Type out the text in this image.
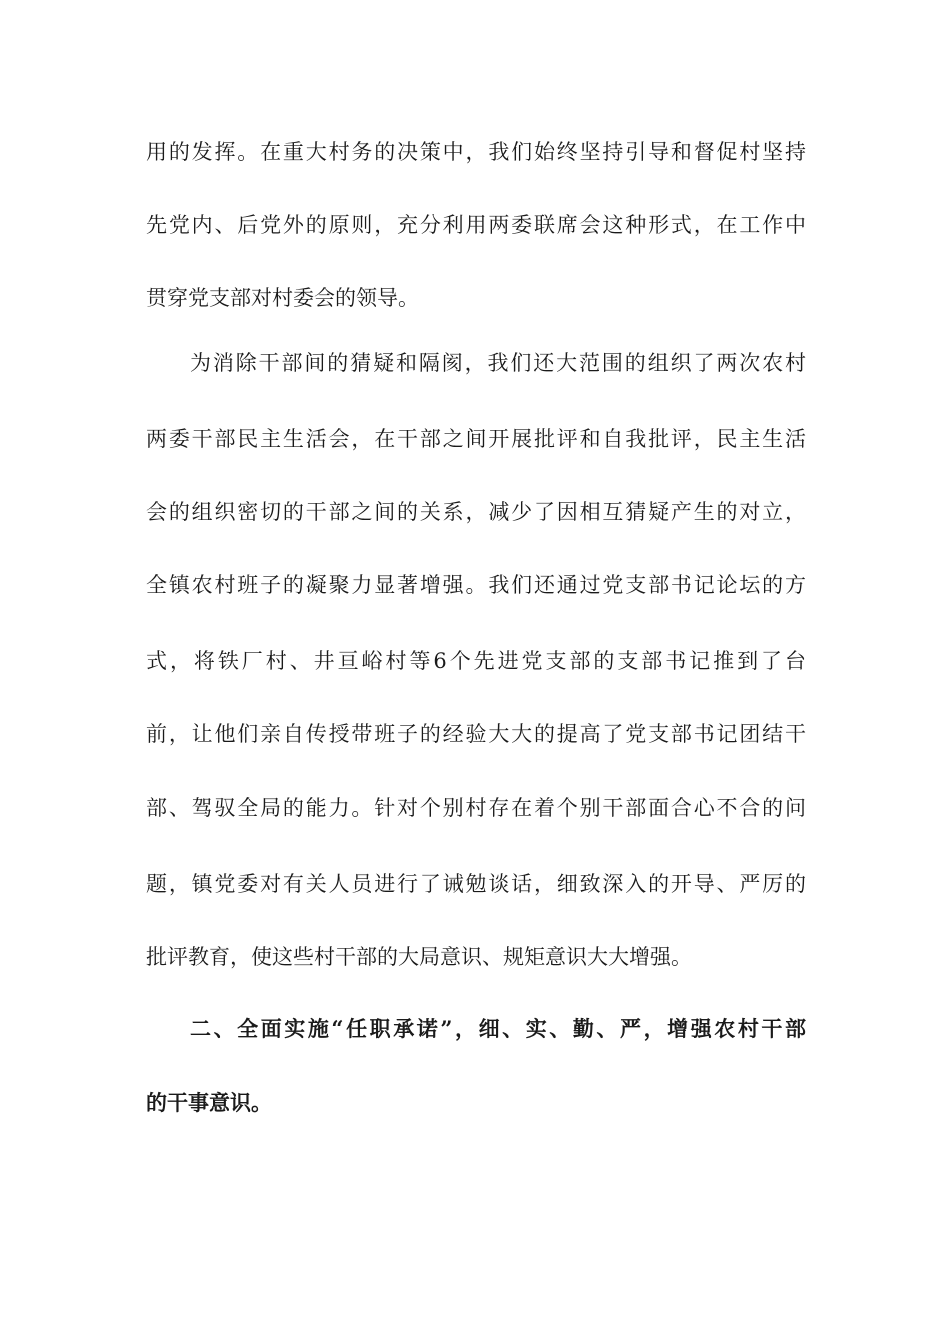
用的发挥。在重大村务的决策中，我们始终坚持引导和督促村坚持
先党内、后党外的原则，充分利用两委联席会这种形式，在工作中
贯穿党支部对村委会的领导。
为消除干部间的猜疑和隔阂，我们还大范围的组织了两次农村
两委干部民主生活会，在干部之间开展批评和自我批评，民主生活
会的组织密切的干部之间的关系，减少了因相互猜疑产生的对立，
全镇农村班子的凝聚力显著增强。我们还通过党支部书记论坛的方
式，将铁厂村、井亘峪村等6个先进党支部的支部书记推到了台
前，让他们亲自传授带班子的经验大大的提高了党支部书记团结干
部、驾驭全局的能力。针对个别村存在着个别干部面合心不合的问
题，镇党委对有关人员进行了诫勉谈话，细致深入的开导、严厉的
批评教育，使这些村干部的大局意识、规矩意识大大增强。
二、全面实施“任职承诺”，细、实、勤、严，增强农村干部
的干事意识。
